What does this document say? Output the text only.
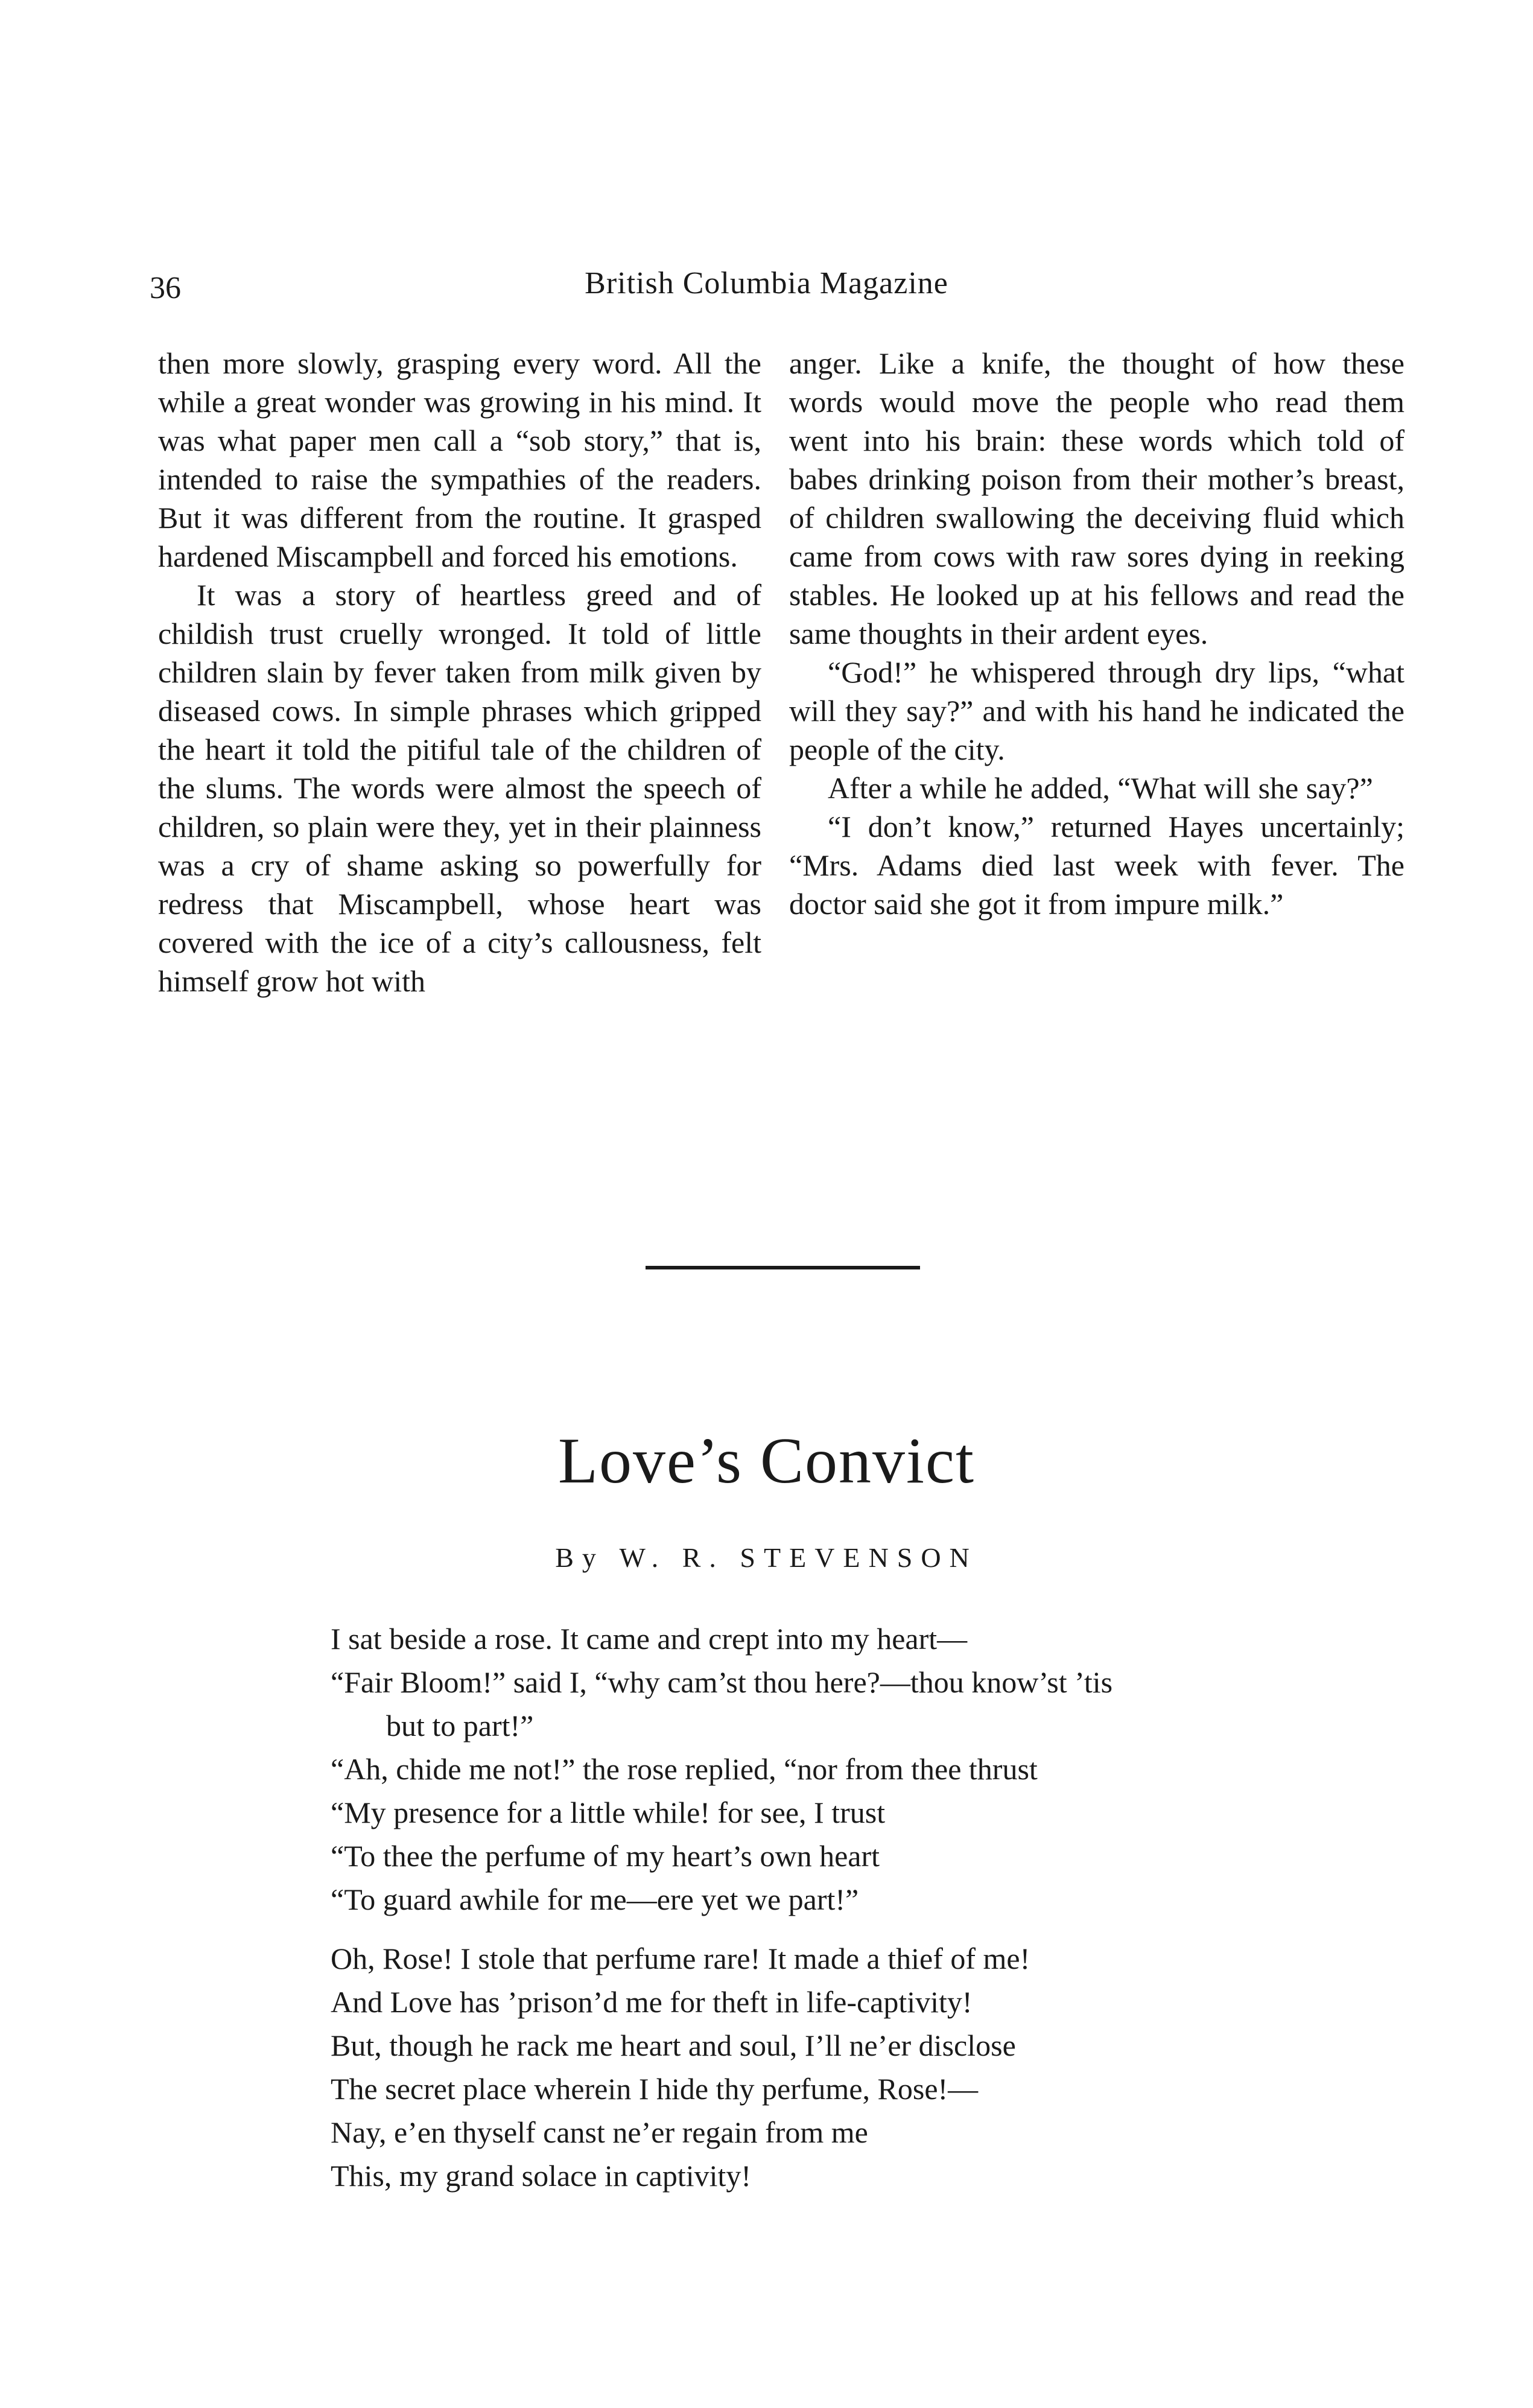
36	British Columbia Magazine

then more slowly, grasping every word. All the while a great wonder was growing in his mind. It was what paper men call a “sob story,” that is, intended to raise the sympathies of the readers. But it was different from the routine. It grasped hardened Miscampbell and forced his emotions.

It was a story of heartless greed and of childish trust cruelly wronged. It told of little children slain by fever taken from milk given by diseased cows. In simple phrases which gripped the heart it told the pitiful tale of the children of the slums. The words were almost the speech of children, so plain were they, yet in their plainness was a cry of shame asking so powerfully for redress that Miscampbell, whose heart was covered with the ice of a city’s callousness, felt himself grow hot with

anger. Like a knife, the thought of how these words would move the people who read them went into his brain: these words which told of babes drinking poison from their mother’s breast, of children swallowing the deceiving fluid which came from cows with raw sores dying in reeking stables. He looked up at his fellows and read the same thoughts in their ardent eyes.

“God!” he whispered through dry lips, “what will they say?” and with his hand he indicated the people of the city.

After a while he added, “What will she say?”

“I don’t know,” returned Hayes uncertainly; “Mrs. Adams died last week with fever. The doctor said she got it from impure milk.”

Love’s Convict
By W. R. STEVENSON
I sat beside a rose. It came and crept into my heart—
“Fair Bloom!” said I, “why cam’st thou here?—thou know’st ’tis
but to part!”
“Ah, chide me not!” the rose replied, “nor from thee thrust
“My presence for a little while! for see, I trust
“To thee the perfume of my heart’s own heart
“To guard awhile for me—ere yet we part!”
Oh, Rose! I stole that perfume rare! It made a thief of me!
And Love has ’prison’d me for theft in life-captivity!
But, though he rack me heart and soul, I’ll ne’er disclose
The secret place wherein I hide thy perfume, Rose!—
Nay, e’en thyself canst ne’er regain from me
This, my grand solace in captivity!
